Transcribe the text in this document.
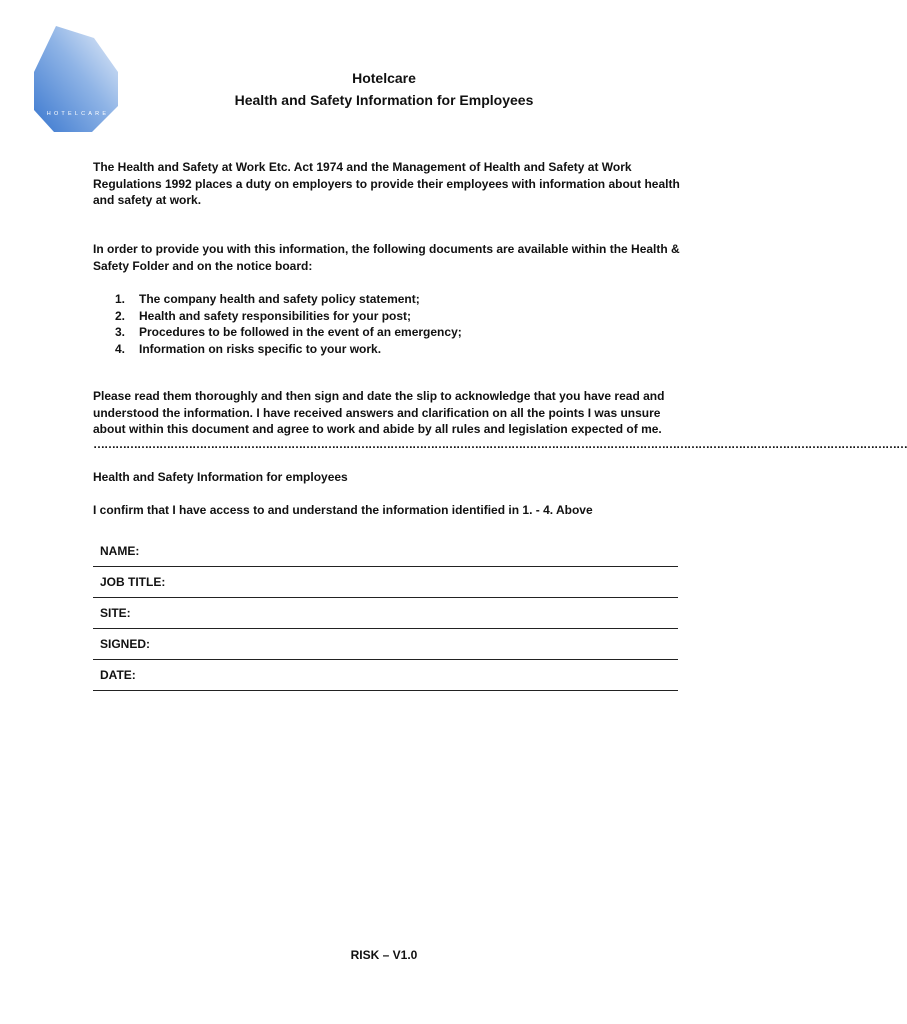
HOTELCARE
Hotelcare
Health and Safety Information for Employees
The Health and Safety at Work Etc. Act 1974 and the Management of Health and Safety at Work Regulations 1992 places a duty on employers to provide their employees with information about health and safety at work.
In order to provide you with this information, the following documents are available within the Health & Safety Folder and on the notice board:
1. The company health and safety policy statement;
2. Health and safety responsibilities for your post;
3. Procedures to be followed in the event of an emergency;
4. Information on risks specific to your work.
Please read them thoroughly and then sign and date the slip to acknowledge that you have read and understood the information. I have received answers and clarification on all the points I was unsure about within this document and agree to work and abide by all rules and legislation expected of me.
……………………………………………………………………………………………………………………………………………………………………………………………………
Health and Safety Information for employees
I confirm that I have access to and understand the information identified in 1. - 4. Above
NAME:
JOB TITLE:
SITE:
SIGNED:
DATE:
RISK – V1.0
